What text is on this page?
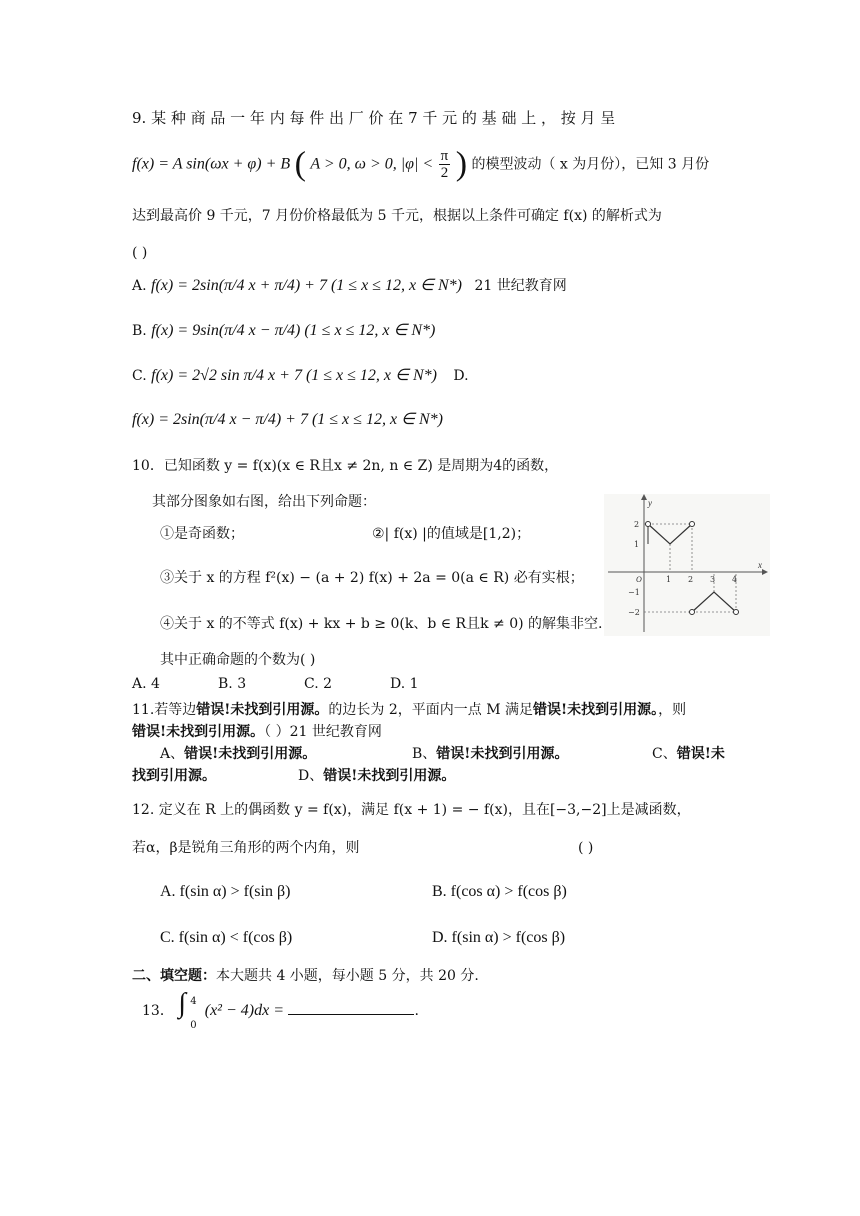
9. 某 种 商 品 一 年 内 每 件 出 厂 价 在 7 千 元 的 基 础 上 ， 按 月 呈
f(x) = A sin(ωx + φ) + B ( A > 0, ω > 0, $|\varphi| < \frac{\pi}{2}$ ) 的模型波动（ x 为月份），已知 3 月份
达到最高价 9 千元，7 月份价格最低为 5 千元，根据以上条件可确定 f(x) 的解析式为
( )
A. f(x) = 2sin(π/4 x + π/4) + 7 (1 ≤ x ≤ 12, x ∈ N*) 21 世纪教育网
B. f(x) = 9sin(π/4 x − π/4) (1 ≤ x ≤ 12, x ∈ N*)
C. f(x) = 2√2 sin π/4 x + 7 (1 ≤ x ≤ 12, x ∈ N*) D.
f(x) = 2sin(π/4 x − π/4) + 7 (1 ≤ x ≤ 12, x ∈ N*)
10．已知函数 y = f(x)(x ∈ R且x ≠ 2n, n ∈ Z) 是周期为4的函数，
其部分图象如右图，给出下列命题：
①是奇函数；	②| f(x) |的值域是[1,2)；
③关于 x 的方程 f²(x) − (a + 2) f(x) + 2a = 0(a ∈ R) 必有实根；
④关于 x 的不等式 f(x) + kx + b ≥ 0(k、b ∈ R且k ≠ 0) 的解集非空.
其中正确命题的个数为( )
A. 4	B. 3	C. 2	D. 1
x
y
O
2
1
−1
−2
1 2 3 4
11.若等边错误!未找到引用源。的边长为 2，平面内一点 M 满足错误!未找到引用源。，则
错误!未找到引用源。（ ）21 世纪教育网
A、错误!未找到引用源。	B、错误!未找到引用源。	C、错误!未
找到引用源。	D、错误!未找到引用源。
12. 定义在 R 上的偶函数 y = f(x)，满足 f(x + 1) = − f(x)，且在[−3,−2]上是减函数，
若α，β是锐角三角形的两个内角，则	( )
A. f(sin α) > f(sin β)	B. f(cos α) > f(cos β)
C. f(sin α) < f(cos β)	D. f(sin α) > f(cos β)
二、填空题：本大题共 4 小题，每小题 5 分，共 20 分.
13． ∫ 4
0
(x² − 4)dx =	.
